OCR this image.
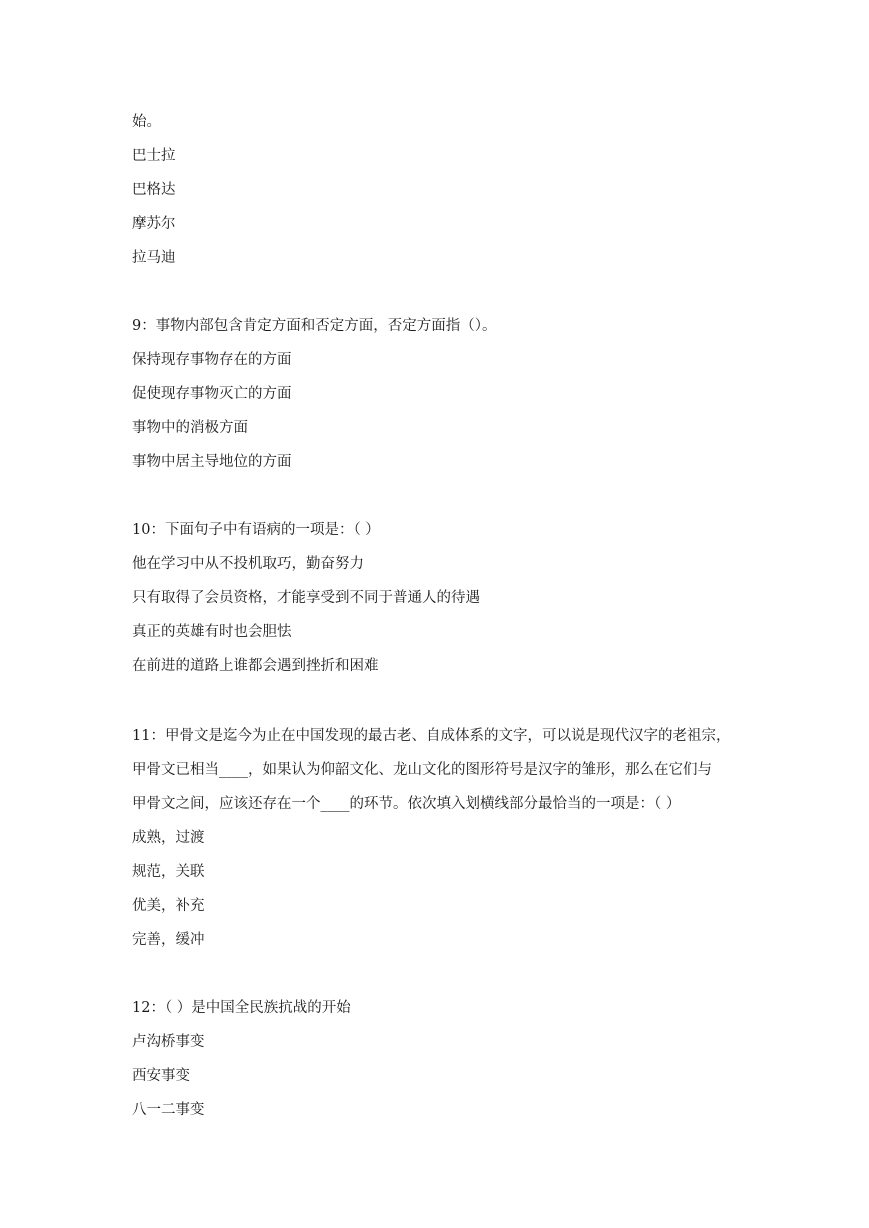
始。
巴士拉
巴格达
摩苏尔
拉马迪
9：事物内部包含肯定方面和否定方面，否定方面指（）。
保持现存事物存在的方面
促使现存事物灭亡的方面
事物中的消极方面
事物中居主导地位的方面
10：下面句子中有语病的一项是：（ ）
他在学习中从不投机取巧，勤奋努力
只有取得了会员资格，才能享受到不同于普通人的待遇
真正的英雄有时也会胆怯
在前进的道路上谁都会遇到挫折和困难
11：甲骨文是迄今为止在中国发现的最古老、自成体系的文字，可以说是现代汉字的老祖宗，
甲骨文已相当____，如果认为仰韶文化、龙山文化的图形符号是汉字的雏形，那么在它们与
甲骨文之间，应该还存在一个____的环节。依次填入划横线部分最恰当的一项是：（ ）
成熟，过渡
规范，关联
优美，补充
完善，缓冲
12：（ ）是中国全民族抗战的开始
卢沟桥事变
西安事变
八一二事变
